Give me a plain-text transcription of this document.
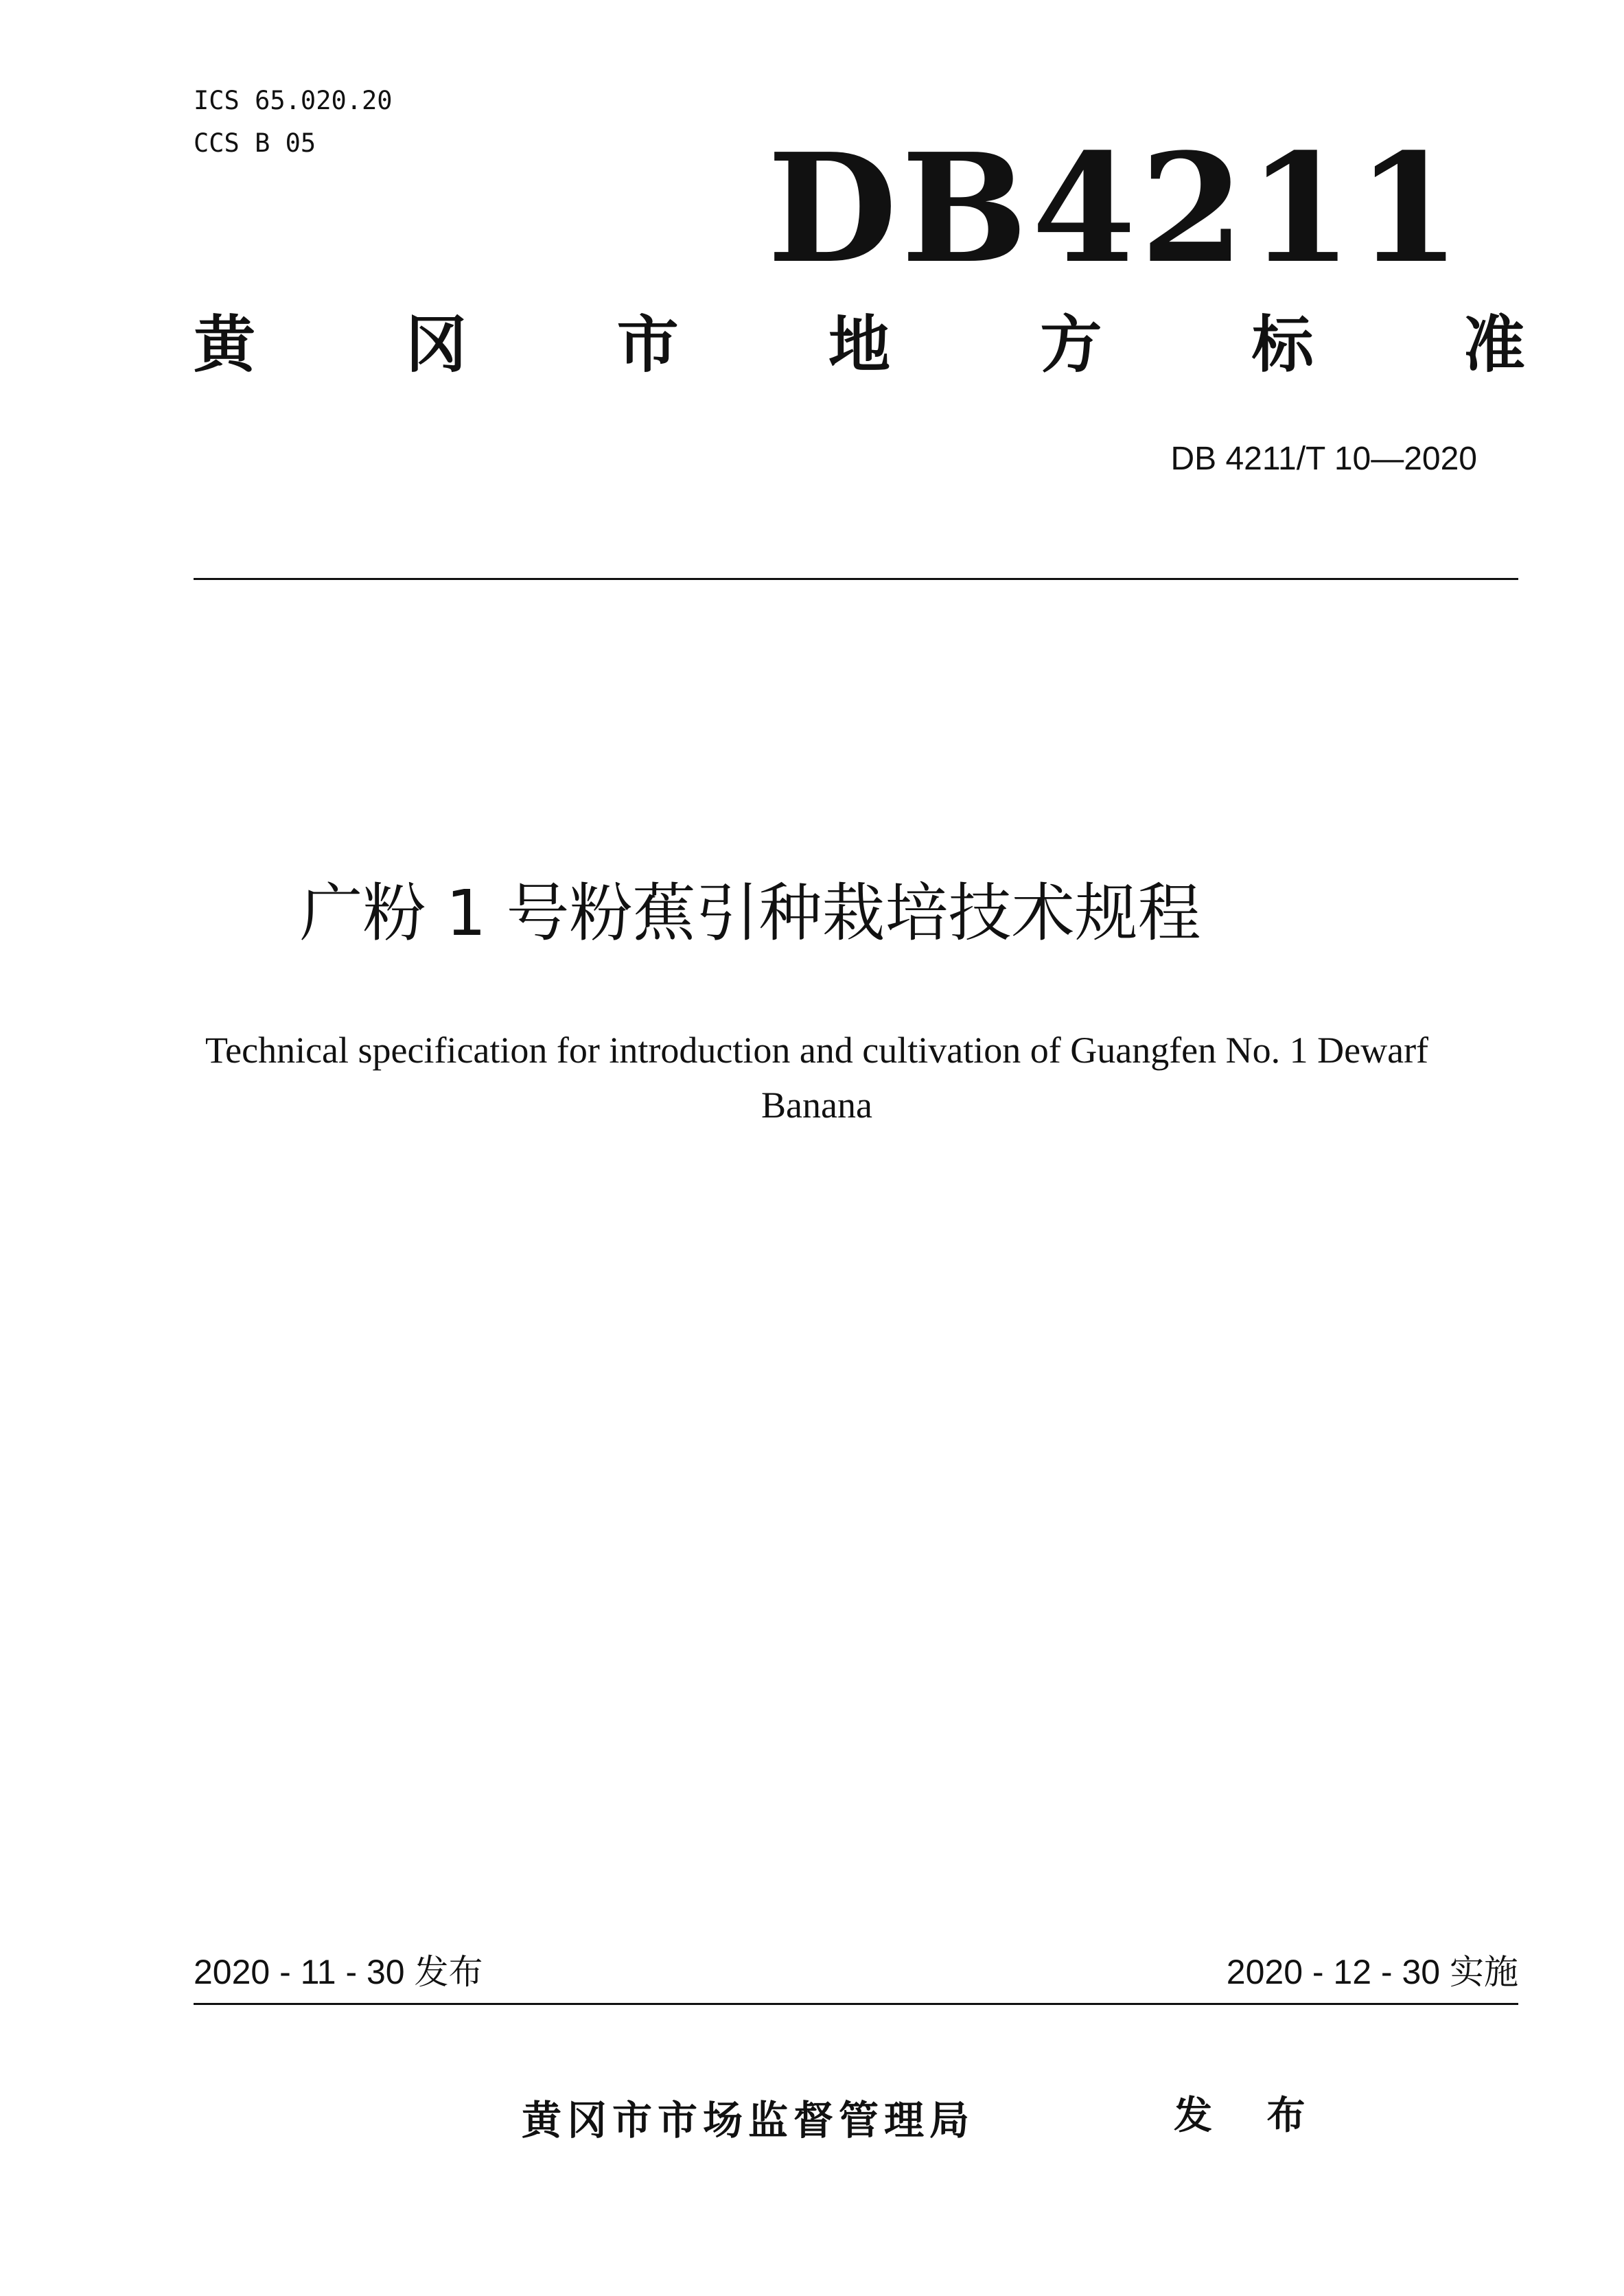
ICS 65.020.20
CCS B 05	DB4211
黄 冈 市 地 方 标 准
DB 4211/T 10—2020
广粉 1 号粉蕉引种栽培技术规程
Technical specification for introduction and cultivation of Guangfen No. 1 Dewarf
Banana
2020 - 11 - 30 发布	2020 - 12 - 30 实施
黄冈市市场监督管理局	发 布
